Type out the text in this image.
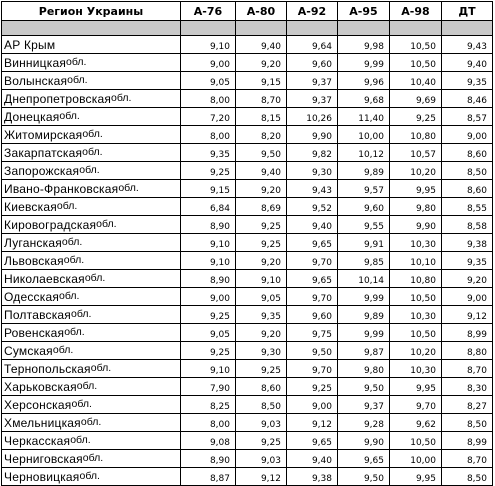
Регион Украины	А-76	А-80	А-92	А-95	А-98	ДТ

АР Крым	9,10	9,40	9,64	9,98	10,50	9,43
Винницкаяобл.	9,00	9,20	9,60	9,99	10,50	9,40
Волынскаяобл.	9,05	9,15	9,37	9,96	10,40	9,35
Днепропетровскаяобл.	8,00	8,70	9,37	9,68	9,69	8,46
Донецкаяобл.	7,20	8,15	10,26	11,40	9,25	8,57
Житомирскаяобл.	8,00	8,20	9,90	10,00	10,80	9,00
Закарпатскаяобл.	9,35	9,50	9,82	10,12	10,57	8,60
Запорожскаяобл.	9,25	9,40	9,30	9,89	10,20	8,50
Ивано-Франковскаяобл.	9,15	9,20	9,43	9,57	9,95	8,60
Киевскаяобл.	6,84	8,69	9,52	9,60	9,80	8,55
Кировоградскаяобл.	8,90	9,25	9,40	9,55	9,90	8,58
Луганскаяобл.	9,10	9,25	9,65	9,91	10,30	9,38
Львовскаяобл.	9,10	9,20	9,70	9,85	10,10	9,35
Николаевскаяобл.	8,90	9,10	9,65	10,14	10,80	9,20
Одесскаяобл.	9,00	9,05	9,70	9,99	10,50	9,00
Полтавскаяобл.	9,25	9,35	9,60	9,89	10,30	9,12
Ровенскаяобл.	9,05	9,20	9,75	9,99	10,50	8,99
Сумскаяобл.	9,25	9,30	9,50	9,87	10,20	8,80
Тернопольскаяобл.	9,10	9,25	9,70	9,80	10,30	8,70
Харьковскаяобл.	7,90	8,60	9,25	9,50	9,95	8,30
Херсонскаяобл.	8,25	8,50	9,00	9,37	9,70	8,27
Хмельницкаяобл.	8,00	9,03	9,12	9,28	9,62	8,50
Черкасскаяобл.	9,08	9,25	9,65	9,90	10,50	8,99
Черниговскаяобл.	8,90	9,03	9,40	9,65	10,00	8,70
Черновицкаяобл.	8,87	9,12	9,38	9,50	9,95	8,50
